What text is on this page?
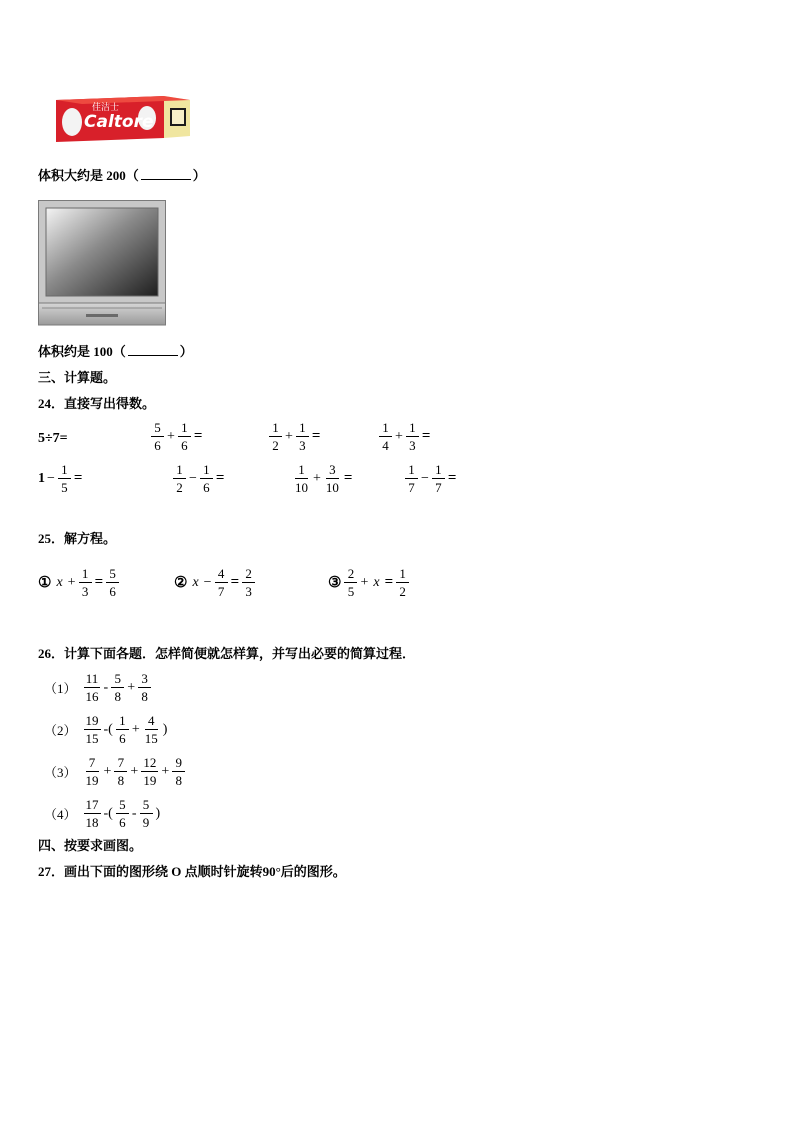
佳洁士
Caltore
体积大约是 200（	）
体积约是 100（	）
三、计算题。
24．直接写出得数。
5÷7=	$\frac{5}{6} + \frac{1}{6}$ =	$\frac{1}{2} + \frac{1}{3}$ =	$\frac{1}{4} + \frac{1}{3}$ =
$1 - \frac{1}{5}$ =	$\frac{1}{2} - \frac{1}{6}$ =	$\frac{1}{10} + \frac{3}{10}$ =	$\frac{1}{7} - \frac{1}{7}$ =
25．解方程。
① $x + \frac{1}{3} = \frac{5}{6}$	② $x - \frac{4}{7} = \frac{2}{3}$	③ $\frac{2}{5} + x = \frac{1}{2}$
26．计算下面各题．怎样简便就怎样算，并写出必要的简算过程．
$(1) \frac{11}{16} - \frac{5}{8} + \frac{3}{8}$
$(2) \frac{19}{15}$ -( $\frac{1}{6} + \frac{4}{15}$ )
$(3) \frac{7}{19} + \frac{7}{8} + \frac{12}{19} + \frac{9}{8}$
$(4) \frac{17}{18}$ -( $\frac{5}{6} - \frac{5}{9}$ )
四、按要求画图。
27．画出下面的图形绕 O 点顺时针旋转90°后的图形。
